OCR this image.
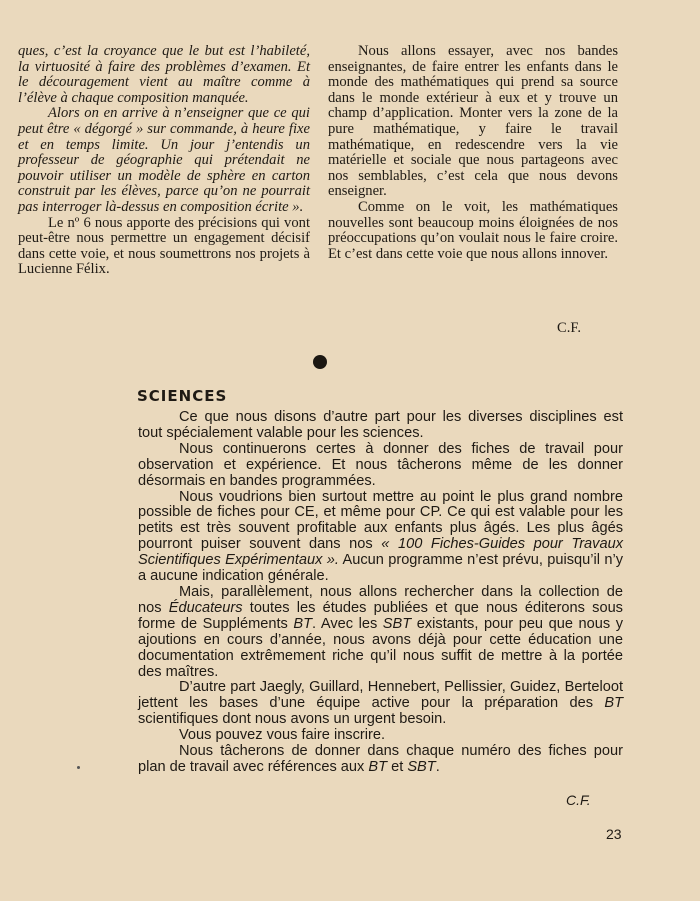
ques, c’est la croyance que le but est l’habileté, la virtuosité à faire des problèmes d’examen. Et le découragement vient au maître comme à l’élève à chaque composition manquée.

Alors on en arrive à n’enseigner que ce qui peut être « dégorgé » sur commande, à heure fixe et en temps limite. Un jour j’entendis un professeur de géographie qui prétendait ne pouvoir utiliser un modèle de sphère en carton construit par les élèves, parce qu’on ne pourrait pas interroger là-dessus en composition écrite ».

Le nº 6 nous apporte des précisions qui vont peut-être nous permettre un engagement décisif dans cette voie, et nous soumettrons nos projets à Lucienne Félix.

Nous allons essayer, avec nos bandes enseignantes, de faire entrer les enfants dans le monde des mathématiques qui prend sa source dans le monde extérieur à eux et y trouve un champ d’application. Monter vers la zone de la pure mathématique, y faire le travail mathématique, en redescendre vers la vie matérielle et sociale que nous partageons avec nos semblables, c’est cela que nous devons enseigner.

Comme on le voit, les mathématiques nouvelles sont beaucoup moins éloignées de nos préoccupations qu’on voulait nous le faire croire. Et c’est dans cette voie que nous allons innover.

C.F.
SCIENCES

Ce que nous disons d’autre part pour les diverses disciplines est tout spécialement valable pour les sciences.

Nous continuerons certes à donner des fiches de travail pour observation et expérience. Et nous tâcherons même de les donner désormais en bandes programmées.

Nous voudrions bien surtout mettre au point le plus grand nombre possible de fiches pour CE, et même pour CP. Ce qui est valable pour les petits est très souvent profitable aux enfants plus âgés. Les plus âgés pourront puiser souvent dans nos « 100 Fiches-Guides pour Travaux Scientifiques Expérimentaux ». Aucun programme n’est prévu, puisqu’il n’y a aucune indication générale.

Mais, parallèlement, nous allons rechercher dans la collection de nos Éducateurs toutes les études publiées et que nous éditerons sous forme de Suppléments BT. Avec les SBT existants, pour peu que nous y ajoutions en cours d’année, nous avons déjà pour cette éducation une documentation extrêmement riche qu’il nous suffit de mettre à la portée des maîtres.

D’autre part Jaegly, Guillard, Hennebert, Pellissier, Guidez, Berteloot jettent les bases d’une équipe active pour la préparation des BT scientifiques dont nous avons un urgent besoin.

Vous pouvez vous faire inscrire.

Nous tâcherons de donner dans chaque numéro des fiches pour plan de travail avec références aux BT et SBT.

C.F.
23
